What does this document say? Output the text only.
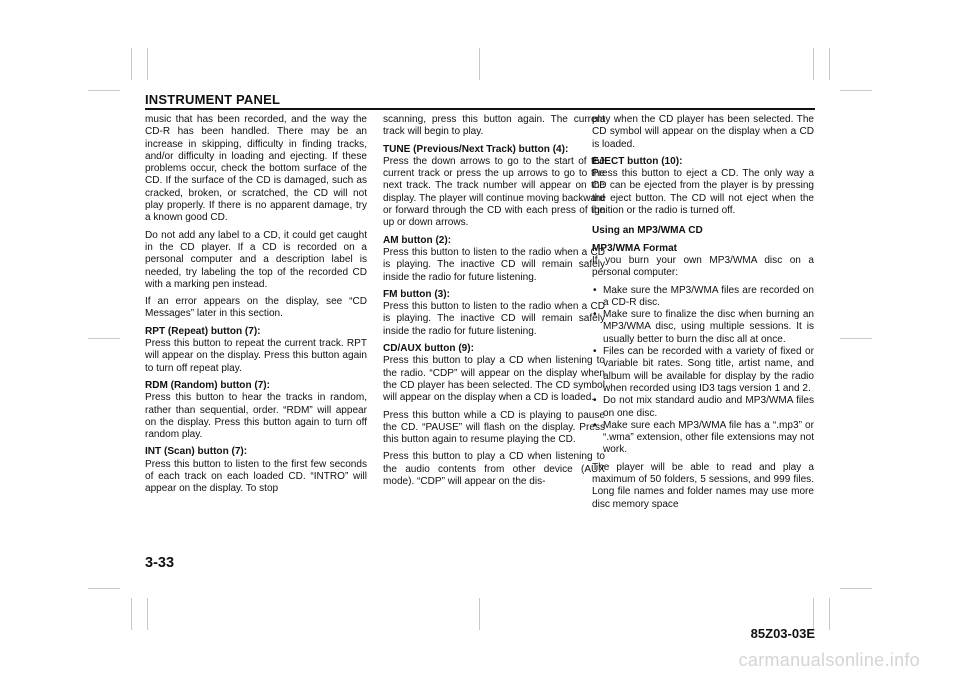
INSTRUMENT PANEL

music that has been recorded, and the way the CD-R has been handled. There may be an increase in skipping, difficulty in finding tracks, and/or difficulty in loading and ejecting. If these problems occur, check the bottom surface of the CD. If the surface of the CD is damaged, such as cracked, broken, or scratched, the CD will not play properly. If there is no apparent damage, try a known good CD.

Do not add any label to a CD, it could get caught in the CD player. If a CD is recorded on a personal computer and a description label is needed, try labeling the top of the recorded CD with a marking pen instead.

If an error appears on the display, see “CD Messages” later in this section.

RPT (Repeat) button (7):

Press this button to repeat the current track. RPT will appear on the display. Press this button again to turn off repeat play.

RDM (Random) button (7):

Press this button to hear the tracks in random, rather than sequential, order. “RDM” will appear on the display. Press this button again to turn off random play.

INT (Scan) button (7):

Press this button to listen to the first few seconds of each track on each loaded CD. “INTRO” will appear on the display. To stop

scanning, press this button again. The current track will begin to play.

TUNE (Previous/Next Track) button (4):

Press the down arrows to go to the start of the current track or press the up arrows to go to the next track. The track number will appear on the display. The player will continue moving backward or forward through the CD with each press of the up or down arrows.

AM button (2):

Press this button to listen to the radio when a CD is playing. The inactive CD will remain safely inside the radio for future listening.

FM button (3):

Press this button to listen to the radio when a CD is playing. The inactive CD will remain safely inside the radio for future listening.

CD/AUX button (9):

Press this button to play a CD when listening to the radio. “CDP” will appear on the display when the CD player has been selected. The CD symbol will appear on the display when a CD is loaded.

Press this button while a CD is playing to pause the CD. “PAUSE” will flash on the display. Press this button again to resume playing the CD.

Press this button to play a CD when listening to the audio contents from other device (AUX mode). “CDP” will appear on the dis-

play when the CD player has been selected. The CD symbol will appear on the display when a CD is loaded.

EJECT button (10):

Press this button to eject a CD. The only way a CD can be ejected from the player is by pressing the eject button. The CD will not eject when the ignition or the radio is turned off.

Using an MP3/WMA CD

MP3/WMA Format

If you burn your own MP3/WMA disc on a personal computer:

• Make sure the MP3/WMA files are recorded on a CD-R disc.
• Make sure to finalize the disc when burning an MP3/WMA disc, using multiple sessions. It is usually better to burn the disc all at once.
• Files can be recorded with a variety of fixed or variable bit rates. Song title, artist name, and album will be available for display by the radio when recorded using ID3 tags version 1 and 2.
• Do not mix standard audio and MP3/WMA files on one disc.
• Make sure each MP3/WMA file has a “.mp3” or “.wma” extension, other file extensions may not work.

The player will be able to read and play a maximum of 50 folders, 5 sessions, and 999 files. Long file names and folder names may use more disc memory space

3-33
85Z03-03E
carmanualsonline.info
